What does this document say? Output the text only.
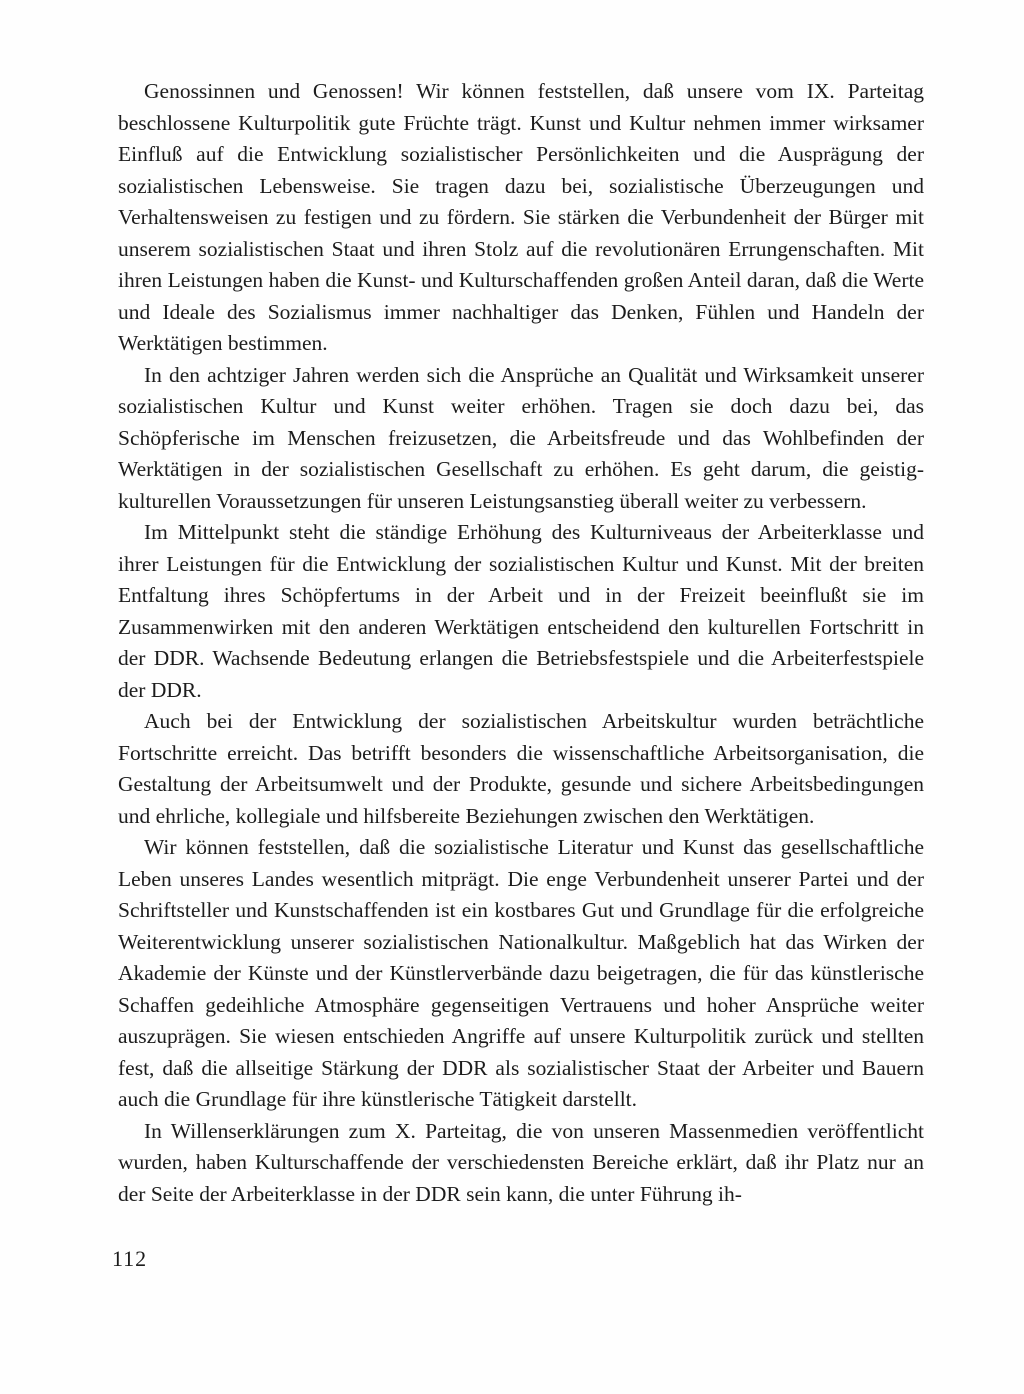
Genossinnen und Genossen! Wir können feststellen, daß unsere vom IX. Parteitag beschlossene Kulturpolitik gute Früchte trägt. Kunst und Kultur nehmen immer wirksamer Einfluß auf die Entwicklung sozialistischer Persönlichkeiten und die Ausprägung der sozialistischen Lebensweise. Sie tragen dazu bei, sozialistische Überzeugungen und Verhaltensweisen zu festigen und zu fördern. Sie stärken die Verbundenheit der Bürger mit unserem sozialistischen Staat und ihren Stolz auf die revolutionären Errungenschaften. Mit ihren Leistungen haben die Kunst- und Kulturschaffenden großen Anteil daran, daß die Werte und Ideale des Sozialismus immer nachhaltiger das Denken, Fühlen und Handeln der Werktätigen bestimmen.

In den achtziger Jahren werden sich die Ansprüche an Qualität und Wirksamkeit unserer sozialistischen Kultur und Kunst weiter erhöhen. Tragen sie doch dazu bei, das Schöpferische im Menschen freizusetzen, die Arbeitsfreude und das Wohlbefinden der Werktätigen in der sozialistischen Gesellschaft zu erhöhen. Es geht darum, die geistig-kulturellen Voraussetzungen für unseren Leistungsanstieg überall weiter zu verbessern.

Im Mittelpunkt steht die ständige Erhöhung des Kulturniveaus der Arbeiterklasse und ihrer Leistungen für die Entwicklung der sozialistischen Kultur und Kunst. Mit der breiten Entfaltung ihres Schöpfertums in der Arbeit und in der Freizeit beeinflußt sie im Zusammenwirken mit den anderen Werktätigen entscheidend den kulturellen Fortschritt in der DDR. Wachsende Bedeutung erlangen die Betriebsfestspiele und die Arbeiterfestspiele der DDR.

Auch bei der Entwicklung der sozialistischen Arbeitskultur wurden beträchtliche Fortschritte erreicht. Das betrifft besonders die wissenschaftliche Arbeitsorganisation, die Gestaltung der Arbeitsumwelt und der Produkte, gesunde und sichere Arbeitsbedingungen und ehrliche, kollegiale und hilfsbereite Beziehungen zwischen den Werktätigen.

Wir können feststellen, daß die sozialistische Literatur und Kunst das gesellschaftliche Leben unseres Landes wesentlich mitprägt. Die enge Verbundenheit unserer Partei und der Schriftsteller und Kunstschaffenden ist ein kostbares Gut und Grundlage für die erfolgreiche Weiterentwicklung unserer sozialistischen Nationalkultur. Maßgeblich hat das Wirken der Akademie der Künste und der Künstlerverbände dazu beigetragen, die für das künstlerische Schaffen gedeihliche Atmosphäre gegenseitigen Vertrauens und hoher Ansprüche weiter auszuprägen. Sie wiesen entschieden Angriffe auf unsere Kulturpolitik zurück und stellten fest, daß die allseitige Stärkung der DDR als sozialistischer Staat der Arbeiter und Bauern auch die Grundlage für ihre künstlerische Tätigkeit darstellt.

In Willenserklärungen zum X. Parteitag, die von unseren Massenmedien veröffentlicht wurden, haben Kulturschaffende der verschiedensten Bereiche erklärt, daß ihr Platz nur an der Seite der Arbeiterklasse in der DDR sein kann, die unter Führung ih-

112
